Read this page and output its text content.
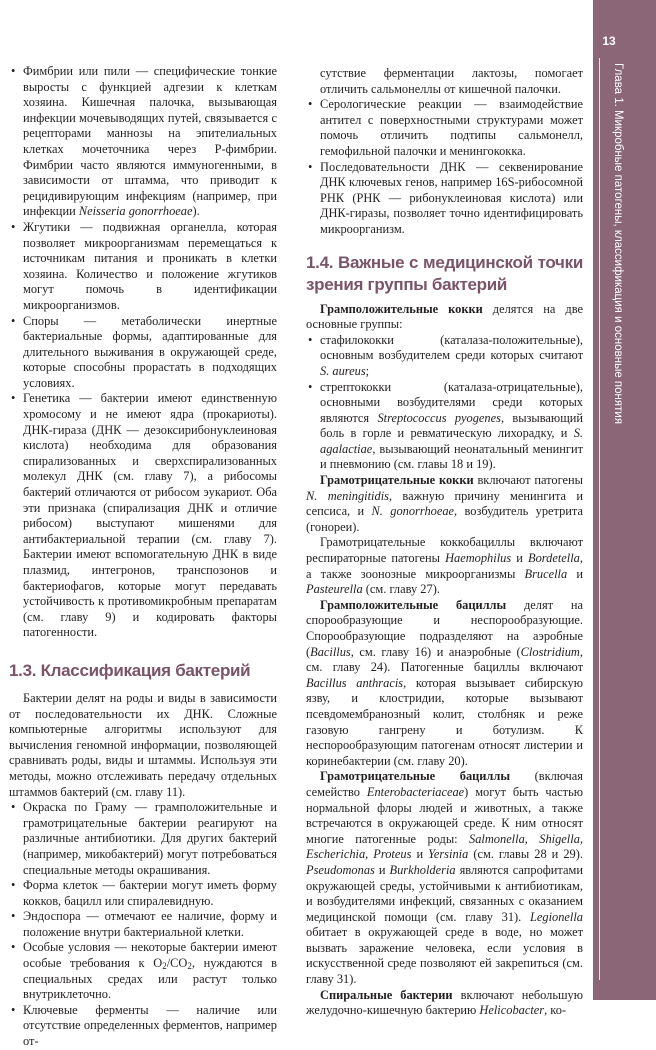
13
Глава 1. Микробные патогены, классификация и основные понятия
• Фимбрии или пили — специфические тонкие выросты с функцией адгезии к клеткам хозяина. Кишечная палочка, вызывающая инфекции мочевыводящих путей, связывается с рецепторами маннозы на эпителиальных клетках мочеточника через Р-фимбрии. Фимбрии часто являются иммуногенными, в зависимости от штамма, что приводит к рецидивирующим инфекциям (например, при инфекции Neisseria gonorrhoeae).
• Жгутики — подвижная органелла, которая позволяет микроорганизмам перемещаться к источникам питания и проникать в клетки хозяина. Количество и положение жгутиков могут помочь в идентификации микроорганизмов.
• Споры — метаболически инертные бактериальные формы, адаптированные для длительного выживания в окружающей среде, которые способны прорастать в подходящих условиях.
• Генетика — бактерии имеют единственную хромосому и не имеют ядра (прокариоты). ДНК-гираза (ДНК — дезоксирибонуклеиновая кислота) необходима для образования спирализованных и сверхспирализованных молекул ДНК (см. главу 7), а рибосомы бактерий отличаются от рибосом эукариот. Оба эти признака (спирализация ДНК и отличие рибосом) выступают мишенями для антибактериальной терапии (см. главу 7). Бактерии имеют вспомогательную ДНК в виде плазмид, интегронов, транспозонов и бактериофагов, которые могут передавать устойчивость к противомикробным препаратам (см. главу 9) и кодировать факторы патогенности.
1.3. Классификация бактерий

Бактерии делят на роды и виды в зависимости от последовательности их ДНК. Сложные компьютерные алгоритмы используют для вычисления геномной информации, позволяющей сравнивать роды, виды и штаммы. Используя эти методы, можно отслеживать передачу отдельных штаммов бактерий (см. главу 11).

• Окраска по Граму — грамположительные и грамотрицательные бактерии реагируют на различные антибиотики. Для других бактерий (например, микобактерий) могут потребоваться специальные методы окрашивания.
• Форма клеток — бактерии могут иметь форму кокков, бацилл или спиралевидную.
• Эндоспора — отмечают ее наличие, форму и положение внутри бактериальной клетки.
• Особые условия — некоторые бактерии имеют особые требования к $O_2/CO_2$, нуждаются в специальных средах или растут только внутриклеточно.
• Ключевые ферменты — наличие или отсутствие определенных ферментов, например от-
сутствие ферментации лактозы, помогает отличить сальмонеллы от кишечной палочки.
• Серологические реакции — взаимодействие антител с поверхностными структурами может помочь отличить подтипы сальмонелл, гемофильной палочки и менингококка.
• Последовательности ДНК — секвенирование ДНК ключевых генов, например 16S-рибосомной РНК (РНК — рибонуклеиновая кислота) или ДНК-гиразы, позволяет точно идентифицировать микроорганизм.
1.4. Важные с медицинской точки зрения группы бактерий

Грамположительные кокки делятся на две основные группы:

• стафилококки (каталаза-положительные), основным возбудителем среди которых считают S. aureus;
• стрептококки (каталаза-отрицательные), основными возбудителями среди которых являются Streptococcus pyogenes, вызывающий боль в горле и ревматическую лихорадку, и S. agalactiae, вызывающий неонатальный менингит и пневмонию (см. главы 18 и 19).

Грамотрицательные кокки включают патогены N. meningitidis, важную причину менингита и сепсиса, и N. gonorrhoeae, возбудитель уретрита (гонореи).

Грамотрицательные коккобациллы включают респираторные патогены Haemophilus и Bordetella, а также зоонозные микроорганизмы Brucella и Pasteurella (см. главу 27).

Грамположительные бациллы делят на спорообразующие и неспорообразующие. Спорообразующие подразделяют на аэробные (Bacillus, см. главу 16) и анаэробные (Clostridium, см. главу 24). Патогенные бациллы включают Bacillus anthracis, которая вызывает сибирскую язву, и клостридии, которые вызывают псевдомембранозный колит, столбняк и реже газовую гангрену и ботулизм. К неспорообразующим патогенам относят листерии и коринебактерии (см. главу 20).

Грамотрицательные бациллы (включая семейство Enterobacteriaceae) могут быть частью нормальной флоры людей и животных, а также встречаются в окружающей среде. К ним относят многие патогенные роды: Salmonella, Shigella, Escherichia, Proteus и Yersinia (см. главы 28 и 29). Pseudomonas и Burkholderia являются сапрофитами окружающей среды, устойчивыми к антибиотикам, и возбудителями инфекций, связанных с оказанием медицинской помощи (см. главу 31). Legionella обитает в окружающей среде в воде, но может вызвать заражение человека, если условия в искусственной среде позволяют ей закрепиться (см. главу 31).

Спиральные бактерии включают небольшую желудочно-кишечную бактерию Helicobacter, ко-
